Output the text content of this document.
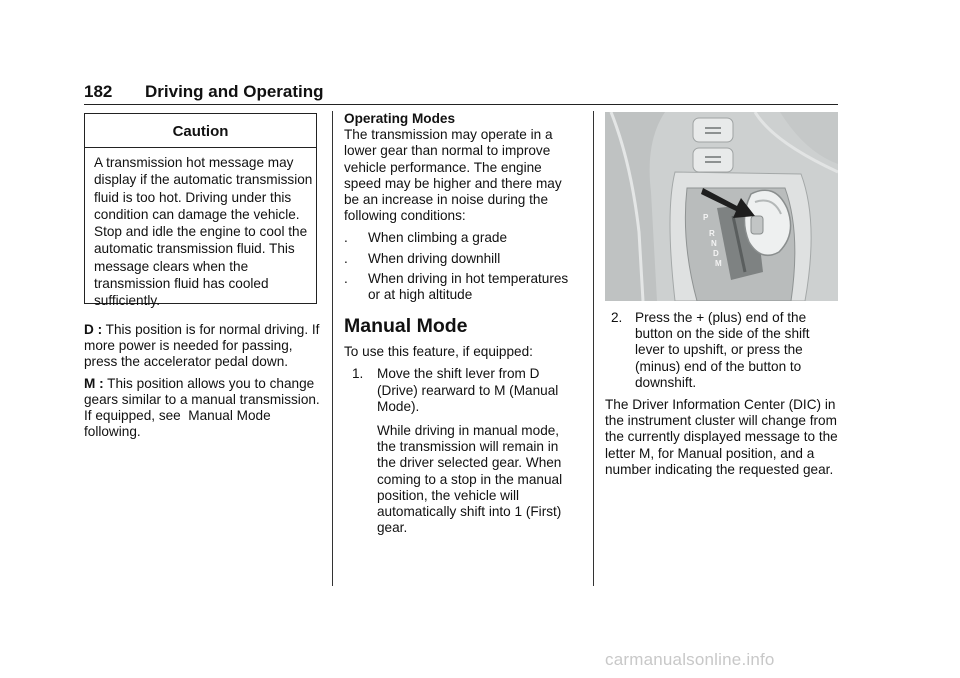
182 Driving and Operating
Caution
A transmission hot message may display if the automatic transmission fluid is too hot. Driving under this condition can damage the vehicle. Stop and idle the engine to cool the automatic transmission fluid. This message clears when the transmission fluid has cooled sufficiently.

D : This position is for normal driving. If more power is needed for passing, press the accelerator pedal down.

M : This position allows you to change gears similar to a manual transmission. If equipped, see  Manual Mode  following.

Operating Modes

The transmission may operate in a lower gear than normal to improve vehicle performance. The engine speed may be higher and there may be an increase in noise during the following conditions:

.	When climbing a grade

.	When driving downhill

.	When driving in hot temperatures or at high altitude

Manual Mode

To use this feature, if equipped:

1.	Move the shift lever from D (Drive) rearward to M (Manual Mode).

While driving in manual mode, the transmission will remain in the driver selected gear. When coming to a stop in the manual position, the vehicle will automatically shift into 1 (First) gear.

P
R
N
D
M
2. Press the + (plus) end of the button on the side of the shift lever to upshift, or press the (minus) end of the button to downshift.

The Driver Information Center (DIC) in the instrument cluster will change from the currently displayed message to the letter M, for Manual position, and a number indicating the requested gear.

carmanualsonline.info
